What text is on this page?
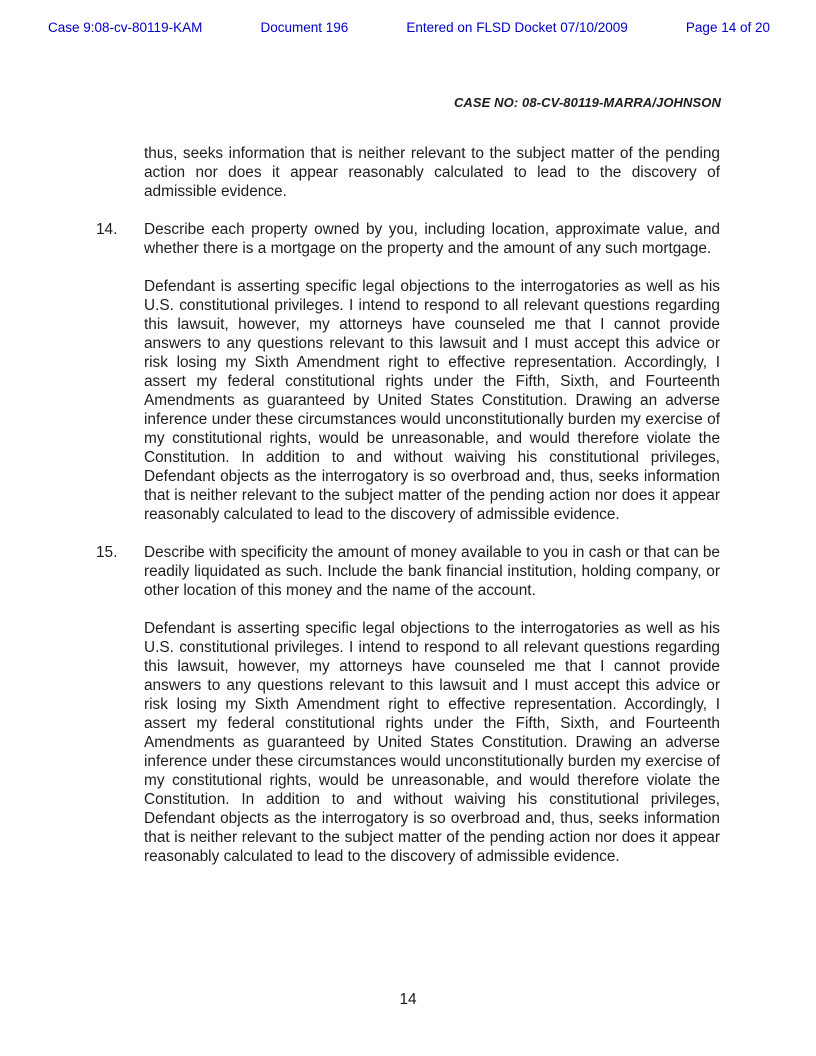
Case 9:08-cv-80119-KAM	Document 196	Entered on FLSD Docket 07/10/2009	Page 14 of 20
CASE NO: 08-CV-80119-MARRA/JOHNSON

thus, seeks information that is neither relevant to the subject matter of the pending action nor does it appear reasonably calculated to lead to the discovery of admissible evidence.

14.	Describe each property owned by you, including location, approximate value, and whether there is a mortgage on the property and the amount of any such mortgage.

Defendant is asserting specific legal objections to the interrogatories as well as his U.S. constitutional privileges. I intend to respond to all relevant questions regarding this lawsuit, however, my attorneys have counseled me that I cannot provide answers to any questions relevant to this lawsuit and I must accept this advice or risk losing my Sixth Amendment right to effective representation. Accordingly, I assert my federal constitutional rights under the Fifth, Sixth, and Fourteenth Amendments as guaranteed by United States Constitution. Drawing an adverse inference under these circumstances would unconstitutionally burden my exercise of my constitutional rights, would be unreasonable, and would therefore violate the Constitution. In addition to and without waiving his constitutional privileges, Defendant objects as the interrogatory is so overbroad and, thus, seeks information that is neither relevant to the subject matter of the pending action nor does it appear reasonably calculated to lead to the discovery of admissible evidence.

15.	Describe with specificity the amount of money available to you in cash or that can be readily liquidated as such. Include the bank financial institution, holding company, or other location of this money and the name of the account.

Defendant is asserting specific legal objections to the interrogatories as well as his U.S. constitutional privileges. I intend to respond to all relevant questions regarding this lawsuit, however, my attorneys have counseled me that I cannot provide answers to any questions relevant to this lawsuit and I must accept this advice or risk losing my Sixth Amendment right to effective representation. Accordingly, I assert my federal constitutional rights under the Fifth, Sixth, and Fourteenth Amendments as guaranteed by United States Constitution. Drawing an adverse inference under these circumstances would unconstitutionally burden my exercise of my constitutional rights, would be unreasonable, and would therefore violate the Constitution. In addition to and without waiving his constitutional privileges, Defendant objects as the interrogatory is so overbroad and, thus, seeks information that is neither relevant to the subject matter of the pending action nor does it appear reasonably calculated to lead to the discovery of admissible evidence.

14
